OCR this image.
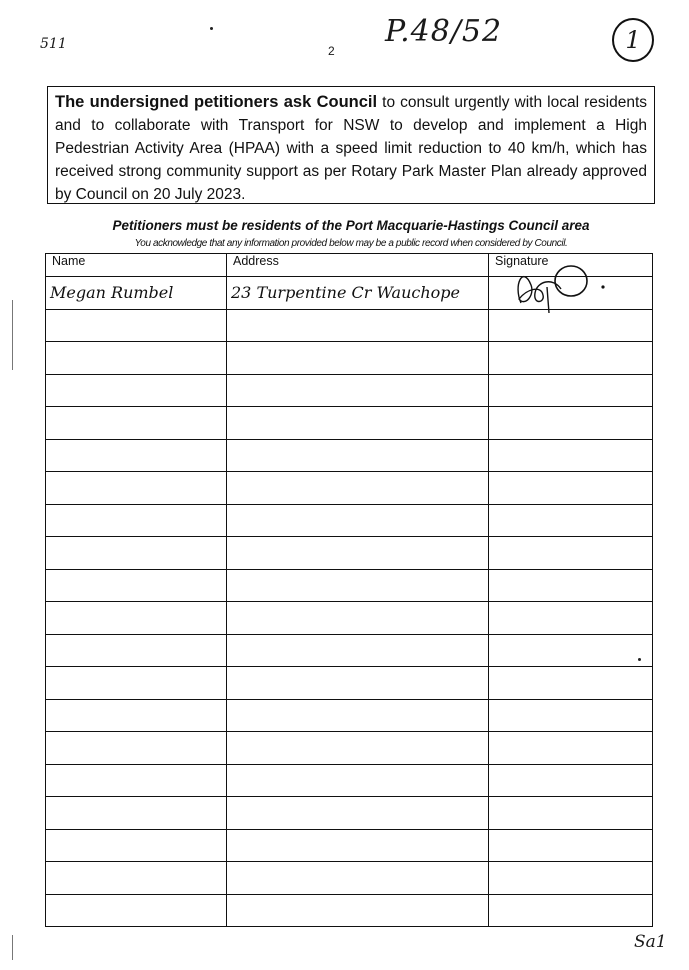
511	2
P.48/52	1
Sa1
The undersigned petitioners ask Council to consult urgently with local residents and to collaborate with Transport for NSW to develop and implement a High Pedestrian Activity Area (HPAA) with a speed limit reduction to 40 km/h, which has received strong community support as per Rotary Park Master Plan already approved by Council on 20 July 2023.
Petitioners must be residents of the Port Macquarie-Hastings Council area
You acknowledge that any information provided below may be a public record when considered by Council.
Name	Address	Signature

Megan Rumbel	23 Turpentine Cr Wauchope
